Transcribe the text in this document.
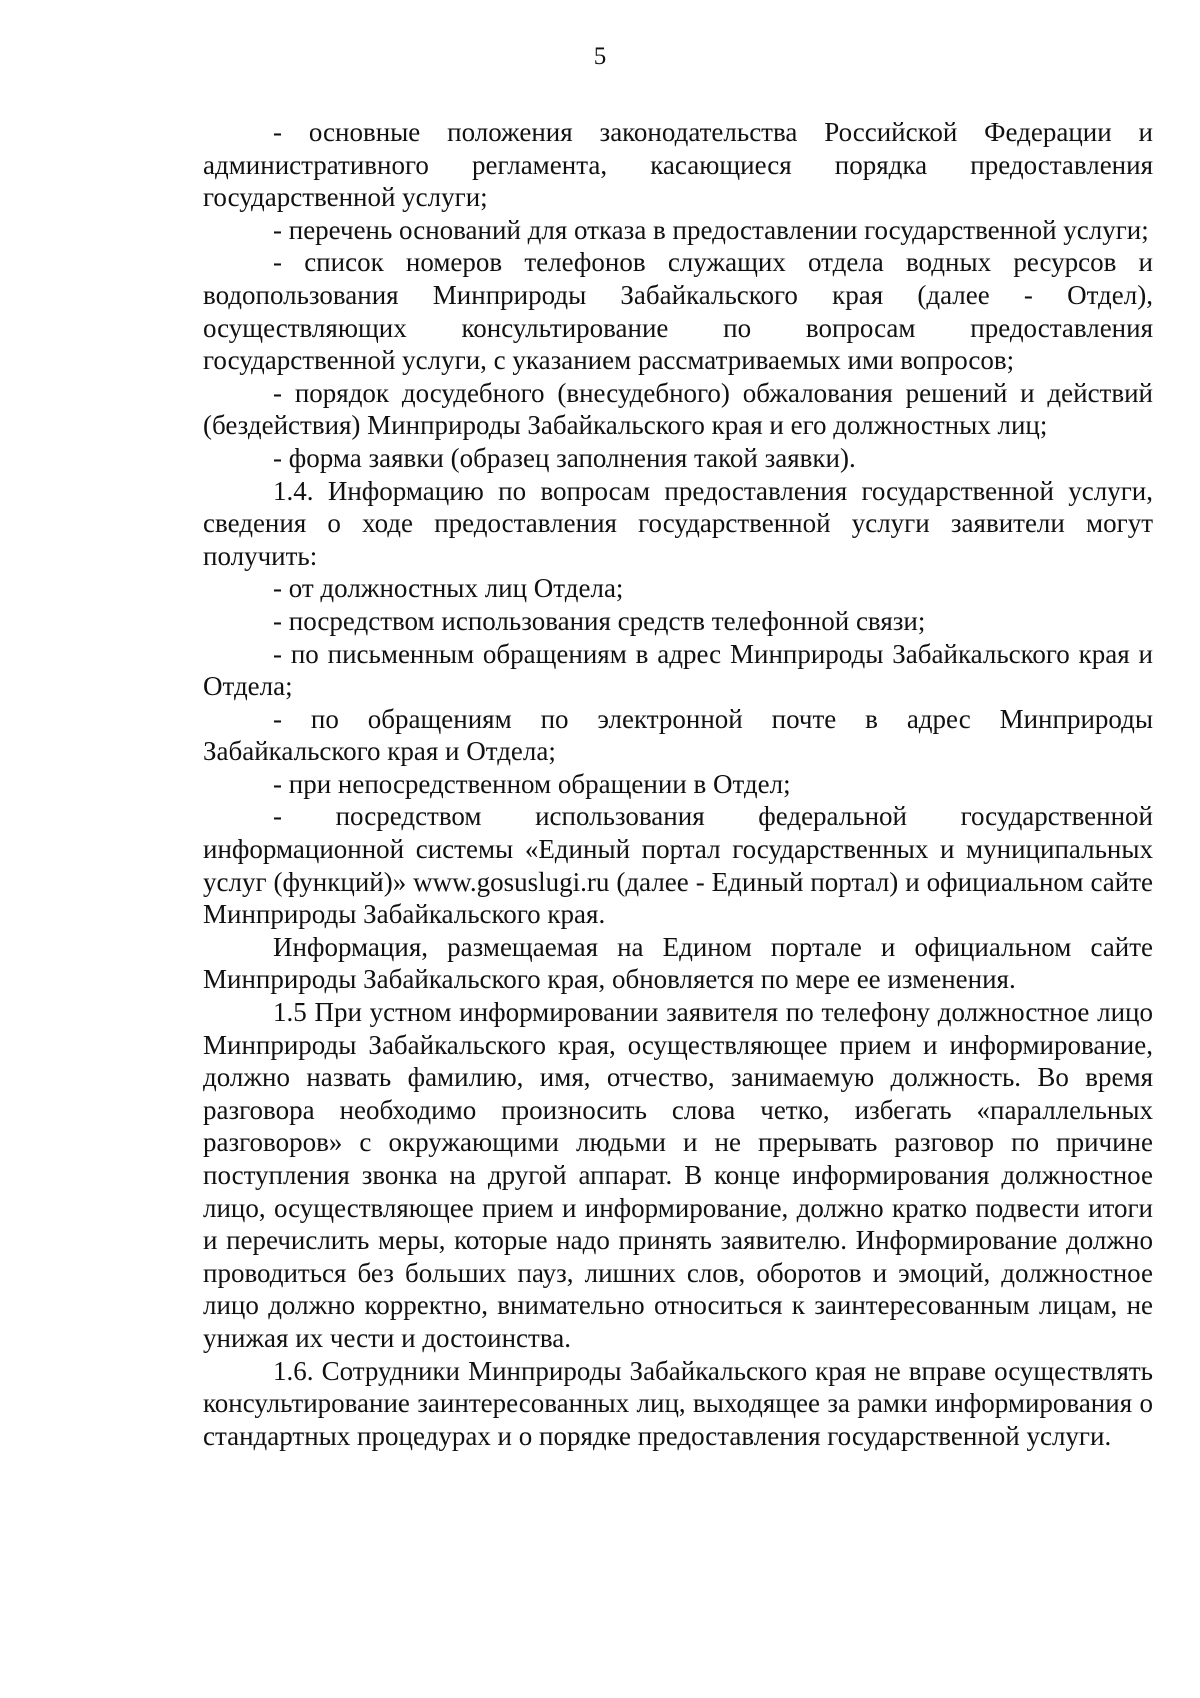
5

- основные положения законодательства Российской Федерации и административного регламента, касающиеся порядка предоставления государственной услуги;

- перечень оснований для отказа в предоставлении государственной услуги;

- список номеров телефонов служащих отдела водных ресурсов и водопользования Минприроды Забайкальского края (далее - Отдел), осуществляющих консультирование по вопросам предоставления государственной услуги, с указанием рассматриваемых ими вопросов;

- порядок досудебного (внесудебного) обжалования решений и действий (бездействия) Минприроды Забайкальского края и его должностных лиц;

- форма заявки (образец заполнения такой заявки).

1.4. Информацию по вопросам предоставления государственной услуги, сведения о ходе предоставления государственной услуги заявители могут получить:

- от должностных лиц Отдела;

- посредством использования средств телефонной связи;

- по письменным обращениям в адрес Минприроды Забайкальского края и Отдела;

- по обращениям по электронной почте в адрес Минприроды Забайкальского края и Отдела;

- при непосредственном обращении в Отдел;

- посредством использования федеральной государственной информационной системы «Единый портал государственных и муниципальных услуг (функций)» www.gosuslugi.ru (далее - Единый портал) и официальном сайте Минприроды Забайкальского края.

Информация, размещаемая на Едином портале и официальном сайте Минприроды Забайкальского края, обновляется по мере ее изменения.

1.5 При устном информировании заявителя по телефону должностное лицо Минприроды Забайкальского края, осуществляющее прием и информирование, должно назвать фамилию, имя, отчество, занимаемую должность. Во время разговора необходимо произносить слова четко, избегать «параллельных разговоров» с окружающими людьми и не прерывать разговор по причине поступления звонка на другой аппарат. В конце информирования должностное лицо, осуществляющее прием и информирование, должно кратко подвести итоги и перечислить меры, которые надо принять заявителю. Информирование должно проводиться без больших пауз, лишних слов, оборотов и эмоций, должностное лицо должно корректно, внимательно относиться к заинтересованным лицам, не унижая их чести и достоинства.

1.6. Сотрудники Минприроды Забайкальского края не вправе осуществлять консультирование заинтересованных лиц, выходящее за рамки информирования о стандартных процедурах и о порядке предоставления государственной услуги.
